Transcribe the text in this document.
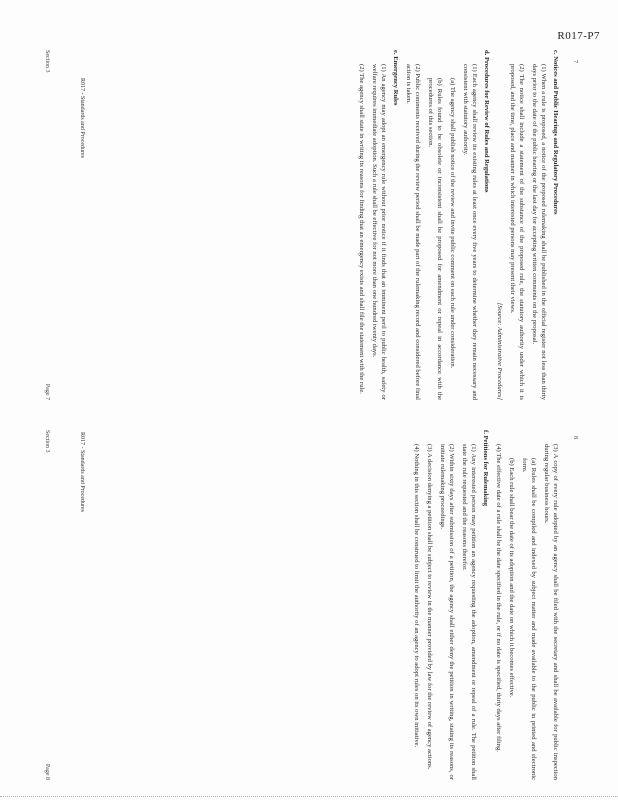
R017-P7
R017 - Standards and Procedures
7
c. Notices and Public Hearings and Regulatory Procedures

(1) When a rule is proposed, a notice of the proposed rulemaking shall be published in the official register not less than thirty days prior to the date of the public hearing or the last day for accepting written comments on the proposal.

(2) The notice shall include a statement of the substance of the proposed rule, the statutory authority under which it is proposed, and the time, place and manner in which interested persons may present their views.

[Source: Administrative Procedures]

d. Procedures for Review of Rules and Regulations

(1) Each agency shall review its existing rules at least once every five years to determine whether they remain necessary and consistent with statutory authority.

(a) The agency shall publish notice of the review and invite public comment on each rule under consideration.

(b) Rules found to be obsolete or inconsistent shall be proposed for amendment or repeal in accordance with the procedures of this section.

(2) Public comments received during the review period shall be made part of the rulemaking record and considered before final action is taken.

e. Emergency Rules

(1) An agency may adopt an emergency rule without prior notice if it finds that an imminent peril to public health, safety or welfare requires immediate adoption. Such a rule shall be effective for not more than one hundred twenty days.

(2) The agency shall state in writing its reasons for finding that an emergency exists and shall file the statement with the rule.

Section 3
Page 7
R017 - Standards and Procedures	8

(3) A copy of every rule adopted by an agency shall be filed with the secretary and shall be available for public inspection during regular business hours.

(a) Rules shall be compiled and indexed by subject matter and made available to the public in printed and electronic form.

(b) Each rule shall bear the date of its adoption and the date on which it becomes effective.

(4) The effective date of a rule shall be the date specified in the rule, or if no date is specified, thirty days after filing.

f. Petitions for Rulemaking

(1) Any interested person may petition an agency requesting the adoption, amendment or repeal of a rule. The petition shall state the rule requested and the reasons therefor.

(2) Within sixty days after submission of a petition, the agency shall either deny the petition in writing, stating its reasons, or initiate rulemaking proceedings.

(3) A decision denying a petition shall be subject to review in the manner provided by law for the review of agency actions.

(4) Nothing in this section shall be construed to limit the authority of an agency to adopt rules on its own initiative.

Section 3
Page 8
